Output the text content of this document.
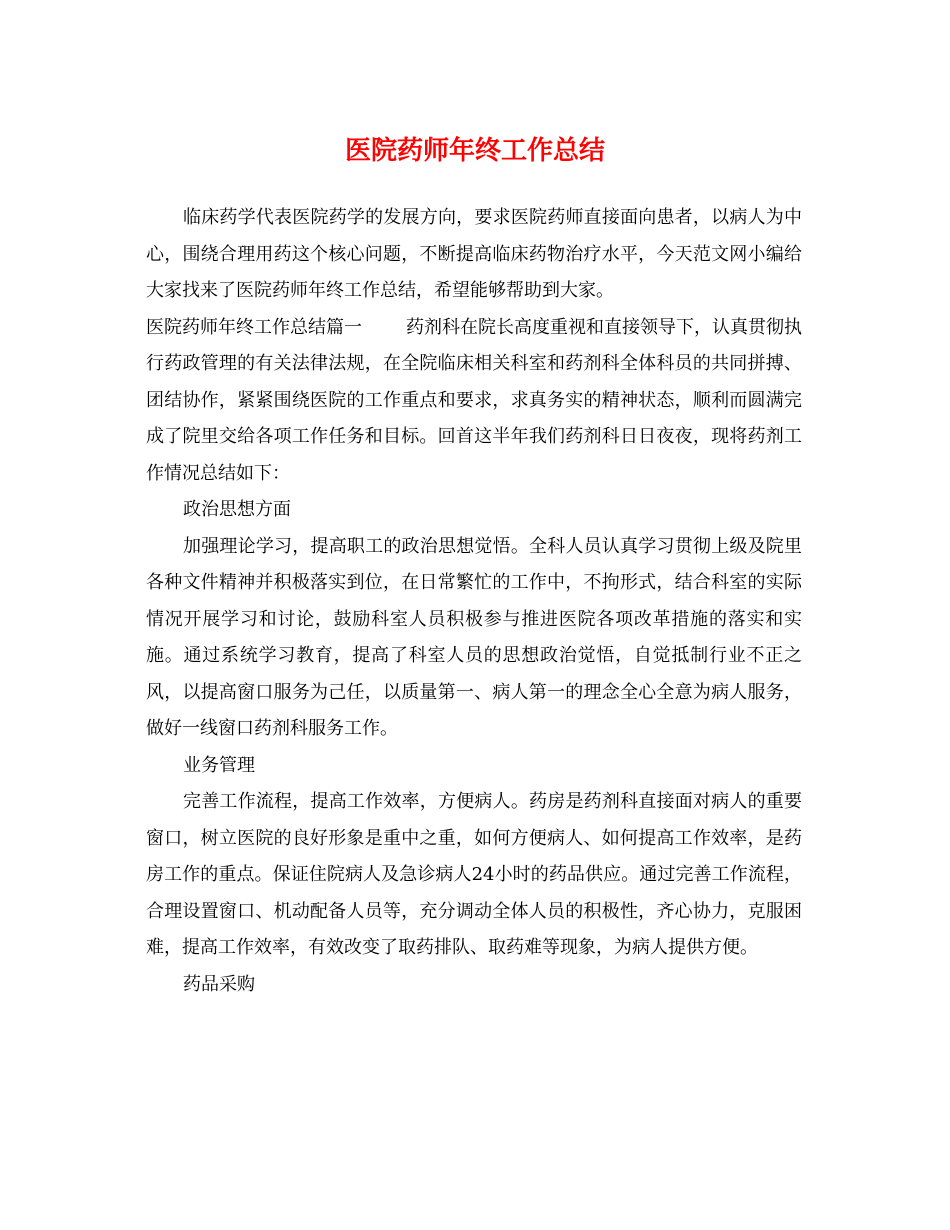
医院药师年终工作总结

临床药学代表医院药学的发展方向，要求医院药师直接面向患者，以病人为中心，围绕合理用药这个核心问题，不断提高临床药物治疗水平，今天范文网小编给大家找来了医院药师年终工作总结，希望能够帮助到大家。

医院药师年终工作总结篇一 药剂科在院长高度重视和直接领导下，认真贯彻执行药政管理的有关法律法规，在全院临床相关科室和药剂科全体科员的共同拼搏、团结协作，紧紧围绕医院的工作重点和要求，求真务实的精神状态，顺利而圆满完成了院里交给各项工作任务和目标。回首这半年我们药剂科日日夜夜，现将药剂工作情况总结如下：

政治思想方面

加强理论学习，提高职工的政治思想觉悟。全科人员认真学习贯彻上级及院里各种文件精神并积极落实到位，在日常繁忙的工作中，不拘形式，结合科室的实际情况开展学习和讨论，鼓励科室人员积极参与推进医院各项改革措施的落实和实施。通过系统学习教育，提高了科室人员的思想政治觉悟，自觉抵制行业不正之风，以提高窗口服务为己任，以质量第一、病人第一的理念全心全意为病人服务，做好一线窗口药剂科服务工作。

业务管理

完善工作流程，提高工作效率，方便病人。药房是药剂科直接面对病人的重要窗口，树立医院的良好形象是重中之重，如何方便病人、如何提高工作效率，是药房工作的重点。保证住院病人及急诊病人24小时的药品供应。通过完善工作流程，合理设置窗口、机动配备人员等，充分调动全体人员的积极性，齐心协力，克服困难，提高工作效率，有效改变了取药排队、取药难等现象，为病人提供方便。

药品采购
